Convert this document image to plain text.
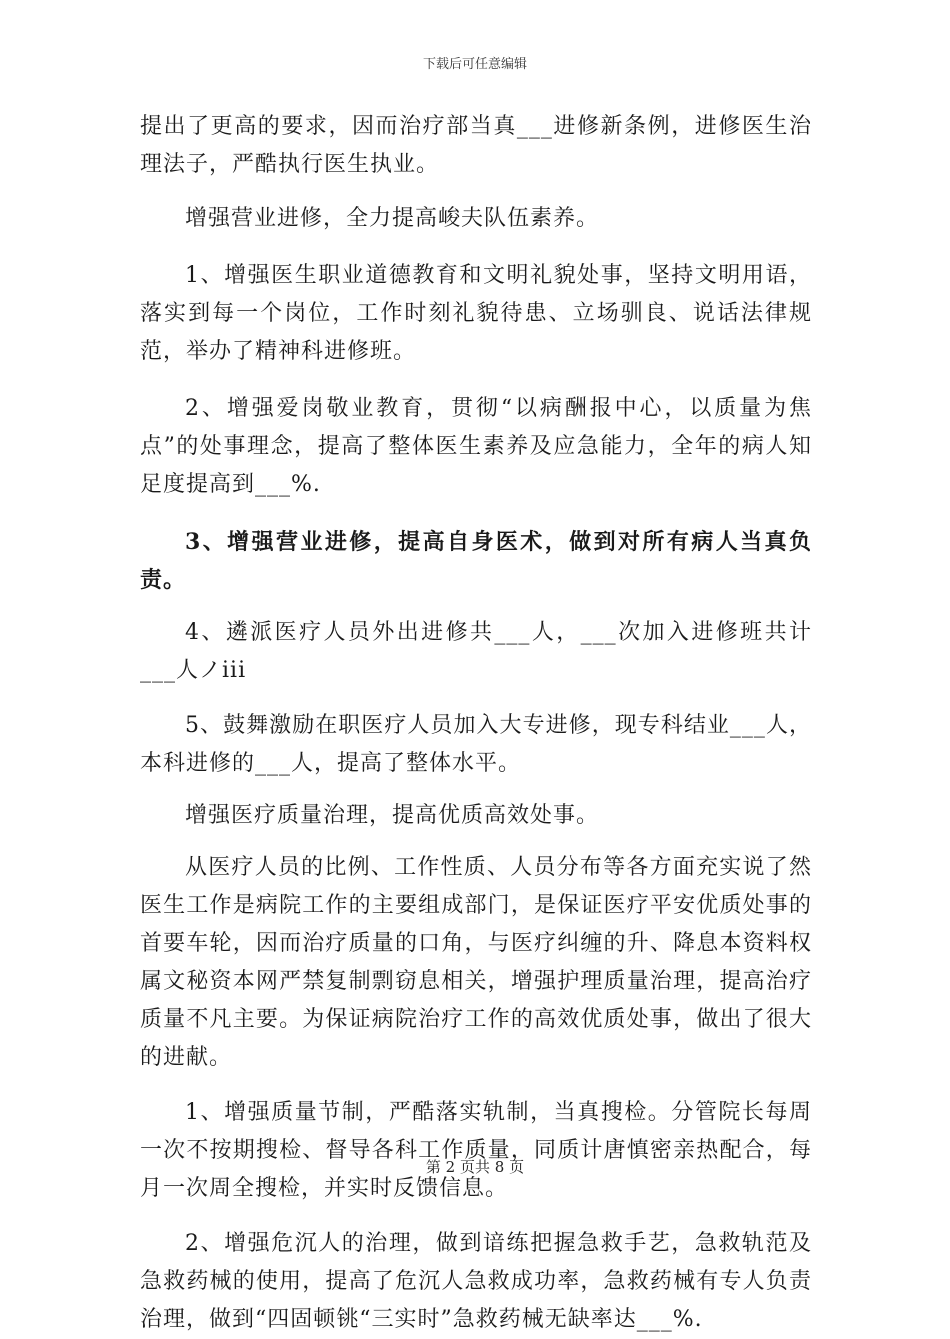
下载后可任意编辑

提出了更高的要求，因而治疗部当真___进修新条例，进修医生治理法子，严酷执行医生执业。

增强营业进修，全力提高峻夫队伍素养。

1、增强医生职业道德教育和文明礼貌处事，坚持文明用语，落实到每一个岗位，工作时刻礼貌待患、立场驯良、说话法律规范，举办了精神科进修班。

2、增强爱岗敬业教育，贯彻“以病酬报中心，以质量为焦点”的处事理念，提高了整体医生素养及应急能力，全年的病人知足度提高到___%.

3、增强营业进修，提高自身医术，做到对所有病人当真负责。

4、遴派医疗人员外出进修共___人，___次加入进修班共计___人ノiii

5、鼓舞激励在职医疗人员加入大专进修，现专科结业___人，本科进修的___人，提高了整体水平。

增强医疗质量治理，提高优质高效处事。

从医疗人员的比例、工作性质、人员分布等各方面充实说了然医生工作是病院工作的主要组成部门，是保证医疗平安优质处事的首要车轮，因而治疗质量的口角，与医疗纠缠的升、降息本资料权属文秘资本网严禁复制剽窃息相关，增强护理质量治理，提高治疗质量不凡主要。为保证病院治疗工作的高效优质处事，做出了很大的进献。

1、增强质量节制，严酷落实轨制，当真搜检。分管院长每周一次不按期搜检、督导各科工作质量，同质计唐慎密亲热配合，每月一次周全搜检，并实时反馈信息。

2、增强危沉人的治理，做到谙练把握急救手艺，急救轨范及急救药械的使用，提高了危沉人急救成功率，急救药械有专人负责治理，做到“四固顿铫“三实时”急救药械无缺率达___%.

第 2 页共 8 页
